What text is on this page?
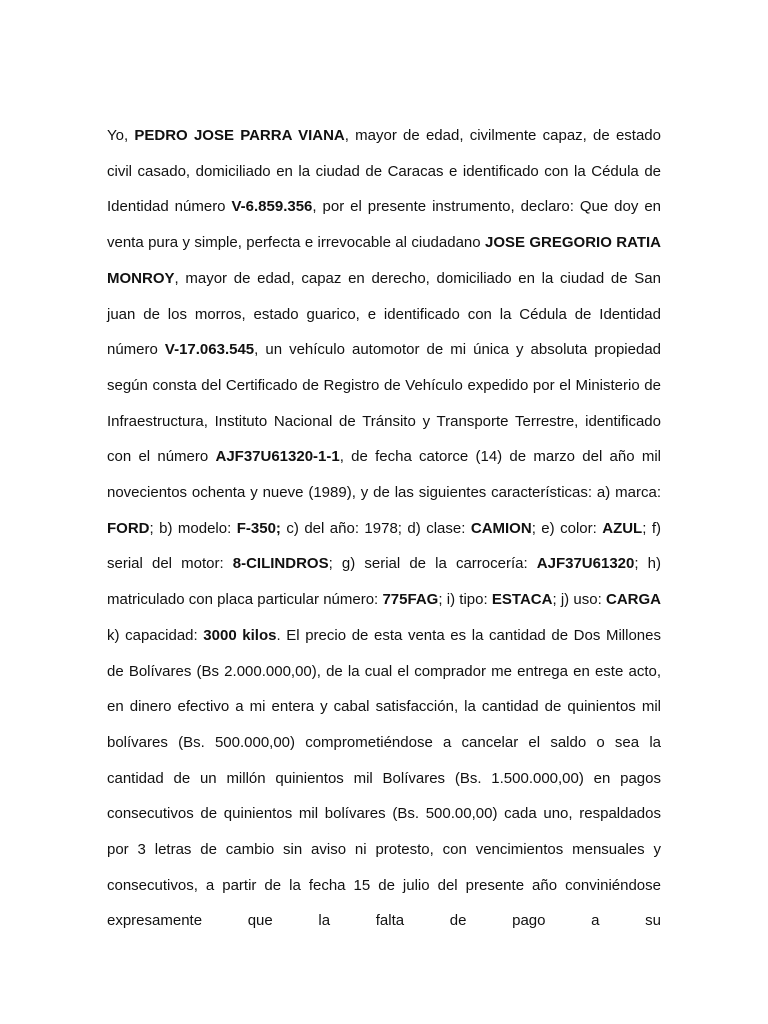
Yo, PEDRO JOSE PARRA VIANA, mayor de edad, civilmente capaz, de estado civil casado, domiciliado en la ciudad de Caracas e identificado con la Cédula de Identidad número V-6.859.356, por el presente instrumento, declaro: Que doy en venta pura y simple, perfecta e irrevocable al ciudadano JOSE GREGORIO RATIA MONROY, mayor de edad, capaz en derecho, domiciliado en la ciudad de San juan de los morros, estado guarico, e identificado con la Cédula de Identidad número V-17.063.545, un vehículo automotor de mi única y absoluta propiedad según consta del Certificado de Registro de Vehículo expedido por el Ministerio de Infraestructura, Instituto Nacional de Tránsito y Transporte Terrestre, identificado con el número AJF37U61320-1-1, de fecha catorce (14) de marzo del año mil novecientos ochenta y nueve (1989), y de las siguientes características: a) marca: FORD; b) modelo: F-350; c) del año: 1978; d) clase: CAMION; e) color: AZUL; f) serial del motor: 8-CILINDROS; g) serial de la carrocería: AJF37U61320; h) matriculado con placa particular número: 775FAG; i) tipo: ESTACA; j) uso: CARGA k) capacidad: 3000 kilos. El precio de esta venta es la cantidad de Dos Millones de Bolívares (Bs 2.000.000,00), de la cual el comprador me entrega en este acto, en dinero efectivo a mi entera y cabal satisfacción, la cantidad de quinientos mil bolívares (Bs. 500.000,00) comprometiéndose a cancelar el saldo o sea la cantidad de un millón quinientos mil Bolívares (Bs. 1.500.000,00) en pagos consecutivos de quinientos mil bolívares (Bs. 500.00,00) cada uno, respaldados por 3 letras de cambio sin aviso ni protesto, con vencimientos mensuales y consecutivos, a partir de la fecha 15 de julio del presente año conviniéndose expresamente que la falta de pago a su
